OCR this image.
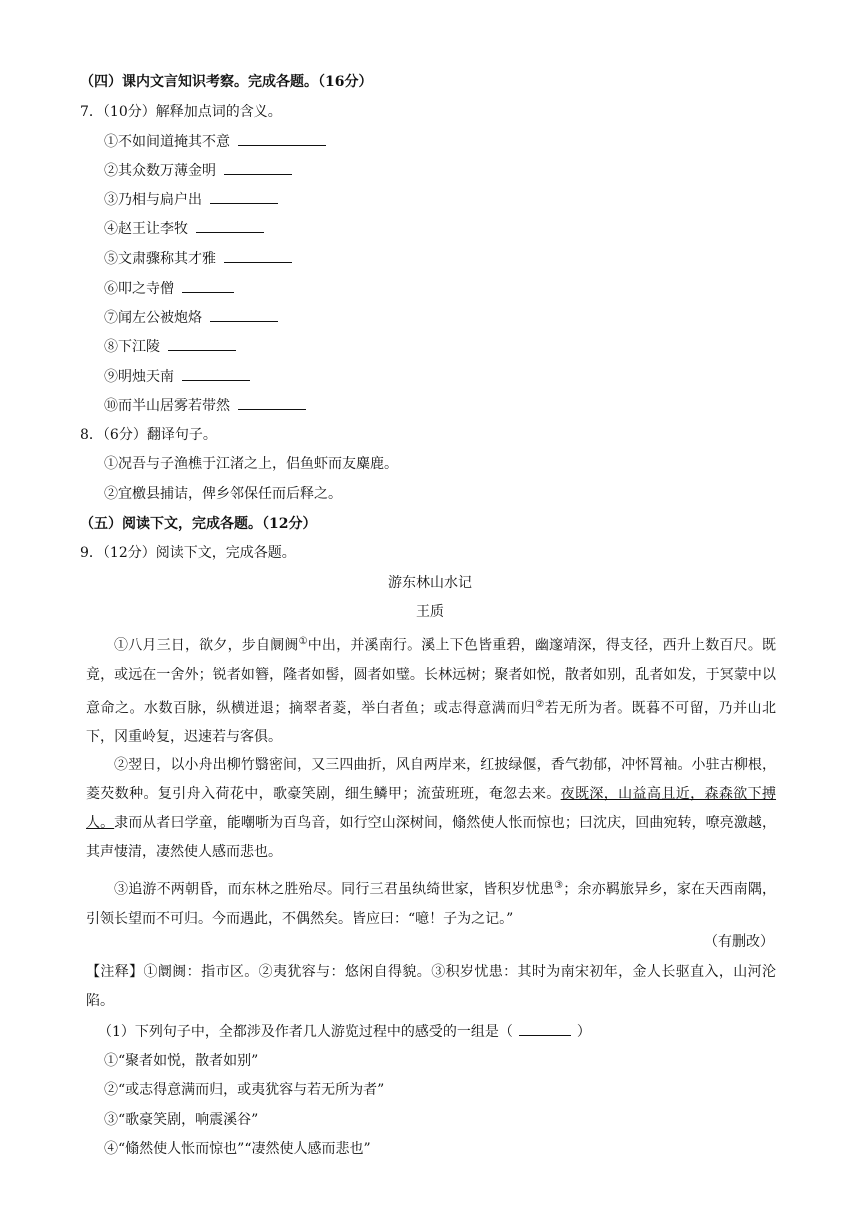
（四）课内文言知识考察。完成各题。（16分）
7．（10分）解释加点词的含义。
①不如间道掩其不意
②其众数万薄金明
③乃相与扃户出
④赵王让李牧
⑤文肃骤称其才雅
⑥叩之寺僧
⑦闻左公被炮烙
⑧下江陵
⑨明烛天南
⑩而半山居雾若带然
8．（6分）翻译句子。
①况吾与子渔樵于江渚之上，侣鱼虾而友麋鹿。
②宜檄县捕诘，俾乡邻保任而后释之。
（五）阅读下文，完成各题。（12分）
9．（12分）阅读下文，完成各题。
游东林山水记
王质
①八月三日，欲夕，步自阛阓①中出，并溪南行。溪上下色皆重碧，幽邃靖深，得支径，西升上数百尺。既竟，或远在一舍外；锐者如簪，隆者如髻，圆者如璧。长林远树；聚者如悦，散者如别，乱者如发，于冥蒙中以意命之。水数百脉，纵横迸退；摘翠者菱，举白者鱼；或志得意满而归②若无所为者。既暮不可留，乃并山北下，冈重岭复，迟速若与客俱。
②翌日，以小舟出柳竹翳密间，又三四曲折，风自两岸来，红披绿偃，香气勃郁，冲怀罥袖。小驻古柳根，菱芡数种。复引舟入荷花中，歌豪笑剧，细生鳞甲；流萤班班，奄忽去来。夜既深，山益高且近，森森欲下搏人。隶而从者曰学童，能嘲哳为百鸟音，如行空山深树间，翛然使人怅而惊也；曰沈庆，回曲宛转，嘹亮激越，其声悽清，凄然使人感而悲也。
③追游不两朝昏，而东林之胜殆尽。同行三君虽纨绮世家，皆积岁忧患③；余亦羁旅异乡，家在天西南隅，引领长望而不可归。今而遇此，不偶然矣。皆应曰：“噫！子为之记。”
（有删改）
【注释】①阛阓：指市区。②夷犹容与：悠闲自得貌。③积岁忧患：其时为南宋初年，金人长驱直入，山河沦陷。
（1）下列句子中，全都涉及作者几人游览过程中的感受的一组是（	）
①“聚者如悦，散者如别”
②“或志得意满而归，或夷犹容与若无所为者”
③“歌豪笑剧，响震溪谷”
④“翛然使人怅而惊也”“凄然使人感而悲也”
